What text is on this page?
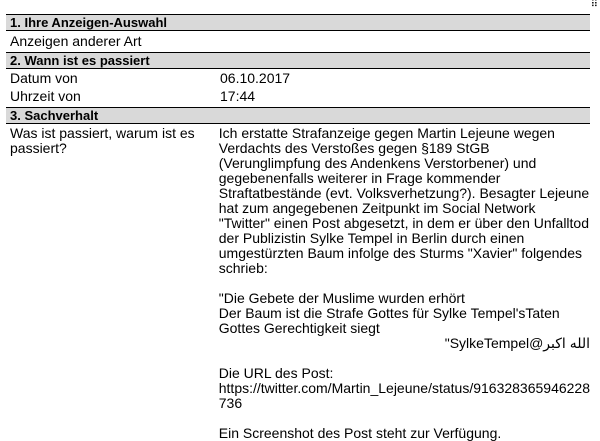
⠿
1. Ihre Anzeigen-Auswahl
Anzeigen anderer Art
2. Wann ist es passiert
Datum von	06.10.2017
Uhrzeit von	17:44
3. Sachverhalt
Was ist passiert, warum ist es passiert?

Ich erstatte Strafanzeige gegen Martin Lejeune wegen Verdachts des Verstoßes gegen §189 StGB (Verunglimpfung des Andenkens Verstorbener) und gegebenenfalls weiterer in Frage kommender Straftatbestände (evt. Volksverhetzung?). Besagter Lejeune hat zum angegebenen Zeitpunkt im Social Network "Twitter" einen Post abgesetzt, in dem er über den Unfalltod der Publizistin Sylke Tempel in Berlin durch einen umgestürzten Baum infolge des Sturms "Xavier" folgendes schrieb:

"Die Gebete der Muslime wurden erhört
Der Baum ist die Strafe Gottes für Sylke Tempel'sTaten
Gottes Gerechtigkeit siegt
الله اكبر@SylkeTempel"
Die URL des Post:
https://twitter.com/Martin_Lejeune/status/916328365946228
736
Ein Screenshot des Post steht zur Verfügung.
